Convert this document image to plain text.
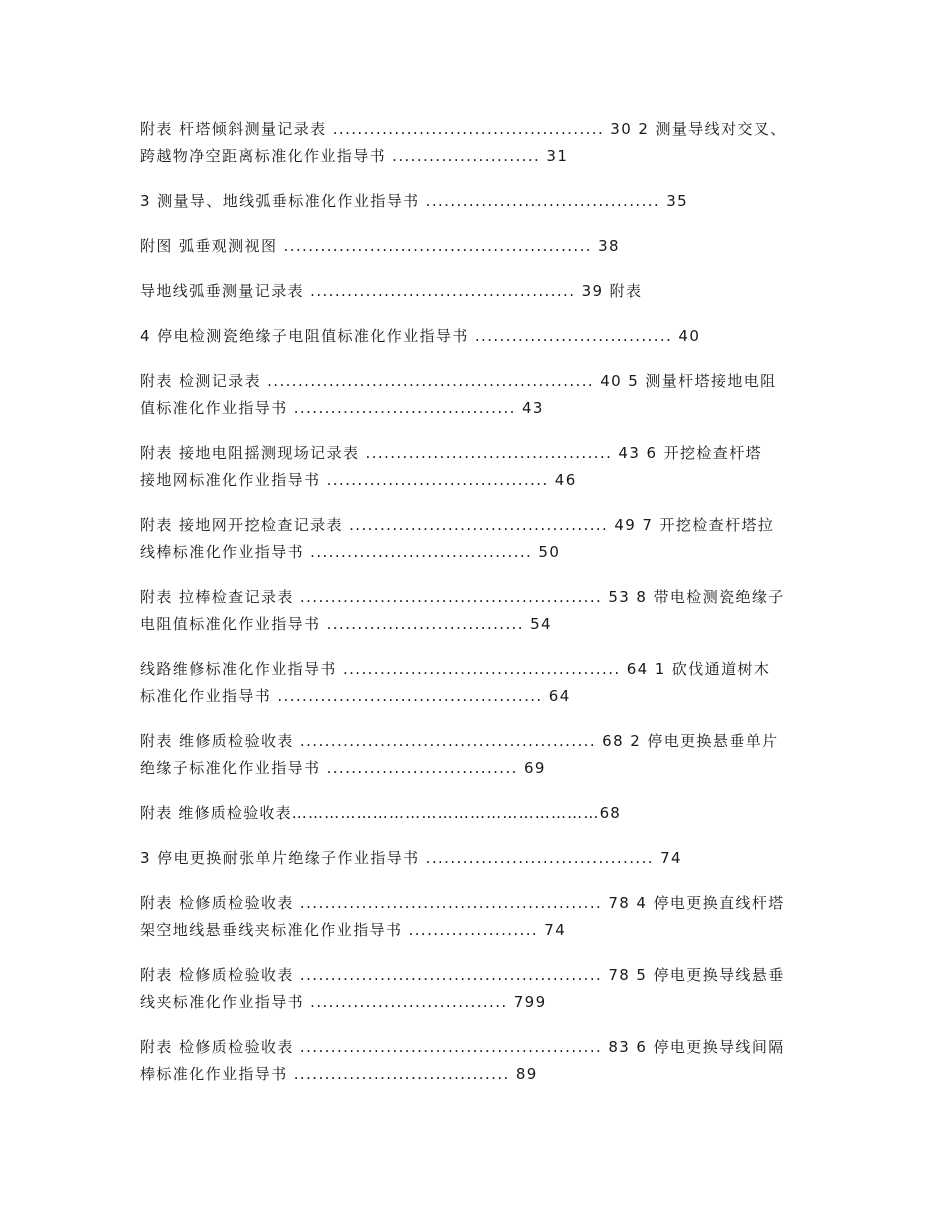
附表 杆塔倾斜测量记录表 ............................................ 30 2 测量导线对交叉、
跨越物净空距离标准化作业指导书 ........................ 31
3 测量导、地线弧垂标准化作业指导书 ...................................... 35
附图 弧垂观测视图 .................................................. 38
导地线弧垂测量记录表 ........................................... 39 附表
4 停电检测瓷绝缘子电阻值标准化作业指导书 ................................ 40
附表 检测记录表 ..................................................... 40 5 测量杆塔接地电阻
值标准化作业指导书 .................................... 43
附表 接地电阻摇测现场记录表 ........................................ 43 6 开挖检查杆塔
接地网标准化作业指导书 .................................... 46
附表 接地网开挖检查记录表 .......................................... 49 7 开挖检查杆塔拉
线棒标准化作业指导书 .................................... 50
附表 拉棒检查记录表 ................................................. 53 8 带电检测瓷绝缘子
电阻值标准化作业指导书 ................................ 54
线路维修标准化作业指导书 ............................................. 64 1 砍伐通道树木
标准化作业指导书 ........................................... 64
附表 维修质检验收表 ................................................ 68 2 停电更换悬垂单片
绝缘子标准化作业指导书 ............................... 69
附表 维修质检验收表…………………………………………………68
3 停电更换耐张单片绝缘子作业指导书 ..................................... 74
附表 检修质检验收表 ................................................. 78 4 停电更换直线杆塔
架空地线悬垂线夹标准化作业指导书 ..................... 74
附表 检修质检验收表 ................................................. 78 5 停电更换导线悬垂
线夹标准化作业指导书 ................................ 799
附表 检修质检验收表 ................................................. 83 6 停电更换导线间隔
棒标准化作业指导书 ................................... 89
